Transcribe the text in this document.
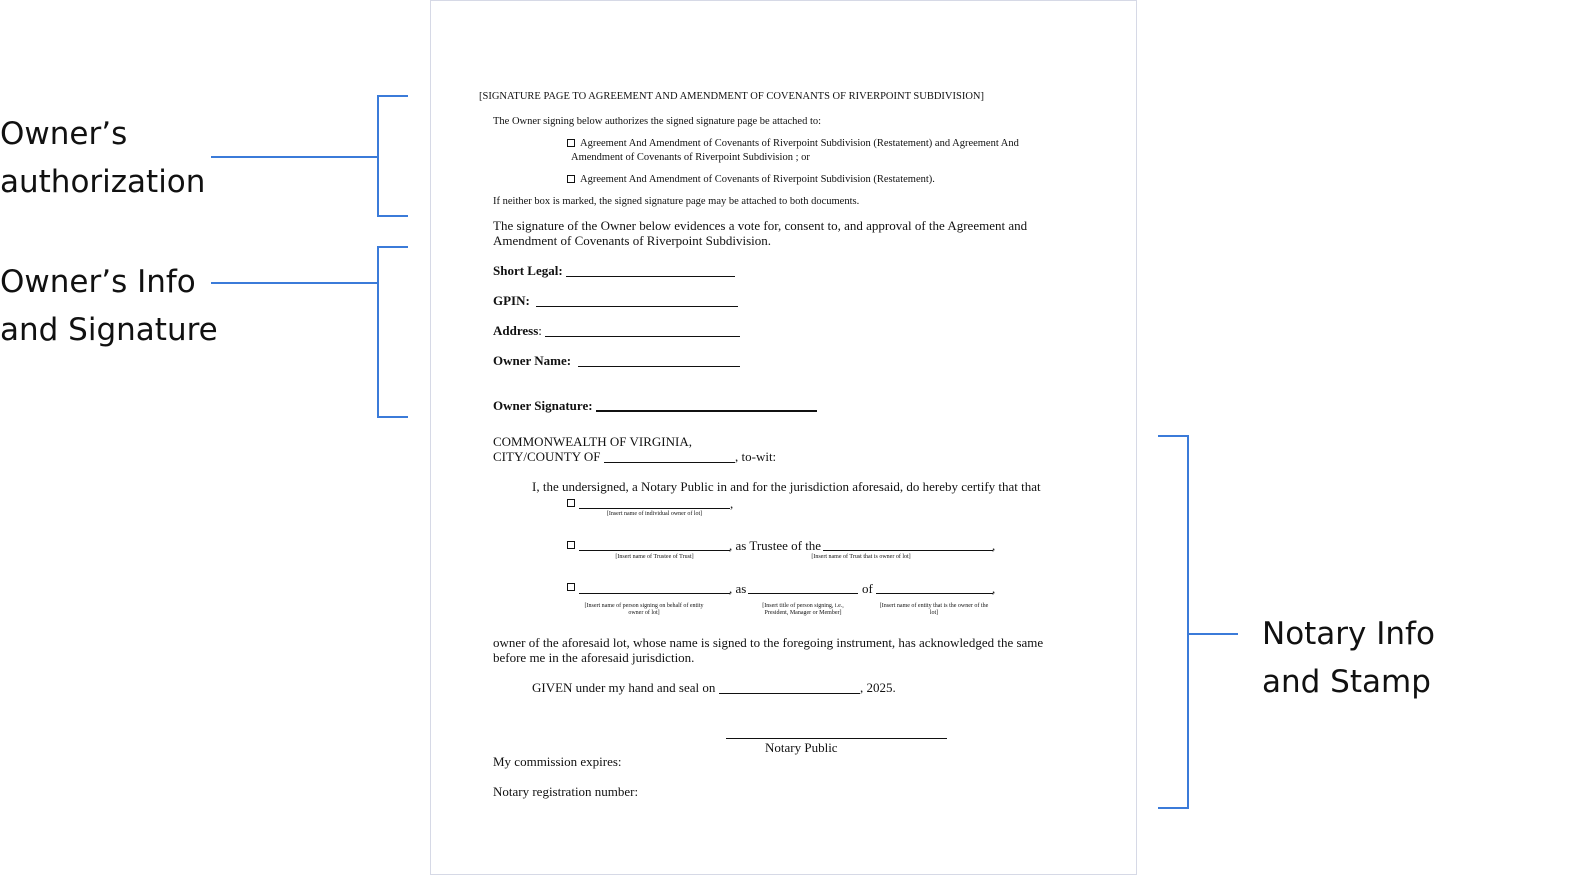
Owner’s
authorization
Owner’s Info
and Signature
Notary Info
and Stamp
[SIGNATURE PAGE TO AGREEMENT AND AMENDMENT OF COVENANTS OF RIVERPOINT SUBDIVISION]
The Owner signing below authorizes the signed signature page be attached to:
Agreement And Amendment of Covenants of Riverpoint Subdivision (Restatement) and Agreement And
Amendment of Covenants of Riverpoint Subdivision ; or
Agreement And Amendment of Covenants of Riverpoint Subdivision (Restatement).
If neither box is marked, the signed signature page may be attached to both documents.
The signature of the Owner below evidences a vote for, consent to, and approval of the Agreement and
Amendment of Covenants of Riverpoint Subdivision.
Short Legal:
GPIN:
Address:
Owner Name:
Owner Signature:
COMMONWEALTH OF VIRGINIA,
CITY/COUNTY OF	, to-wit:
I, the undersigned, a Notary Public in and for the jurisdiction aforesaid, do hereby certify that that
,
[Insert name of individual owner of lot]
, as Trustee of the	,
[Insert name of Trustee of Trust]	[Insert name of Trust that is owner of lot]
, as	of	,
[Insert name of person signing on behalf of entity owner of lot]
[Insert title of person signing, i.e., President, Manager or Member]
[Insert name of entity that is the owner of the lot]
owner of the aforesaid lot, whose name is signed to the foregoing instrument, has acknowledged the same
before me in the aforesaid jurisdiction.
GIVEN under my hand and seal on	, 2025.
Notary Public
My commission expires:
Notary registration number:
